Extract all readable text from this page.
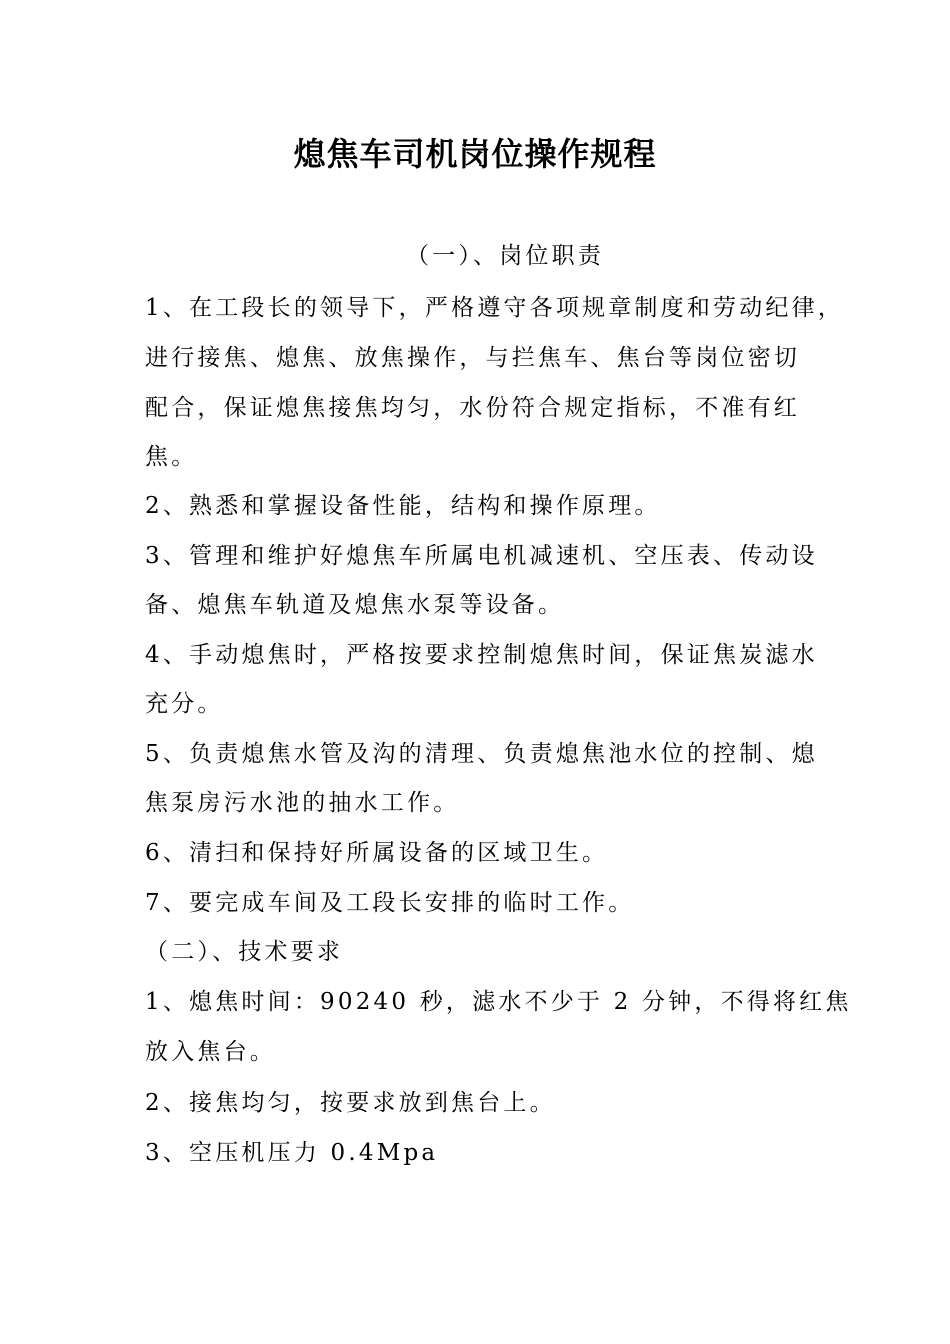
熄焦车司机岗位操作规程
（一）、岗位职责
1、在工段长的领导下，严格遵守各项规章制度和劳动纪律，
进行接焦、熄焦、放焦操作，与拦焦车、焦台等岗位密切
配合，保证熄焦接焦均匀，水份符合规定指标，不准有红
焦。
2、熟悉和掌握设备性能，结构和操作原理。
3、管理和维护好熄焦车所属电机减速机、空压表、传动设
备、熄焦车轨道及熄焦水泵等设备。
4、手动熄焦时，严格按要求控制熄焦时间，保证焦炭滤水
充分。
5、负责熄焦水管及沟的清理、负责熄焦池水位的控制、熄
焦泵房污水池的抽水工作。
6、清扫和保持好所属设备的区域卫生。
7、要完成车间及工段长安排的临时工作。
（二）、技术要求
1、熄焦时间：90240 秒，滤水不少于 2 分钟，不得将红焦
放入焦台。
2、接焦均匀，按要求放到焦台上。
3、空压机压力 0.4Mpa
